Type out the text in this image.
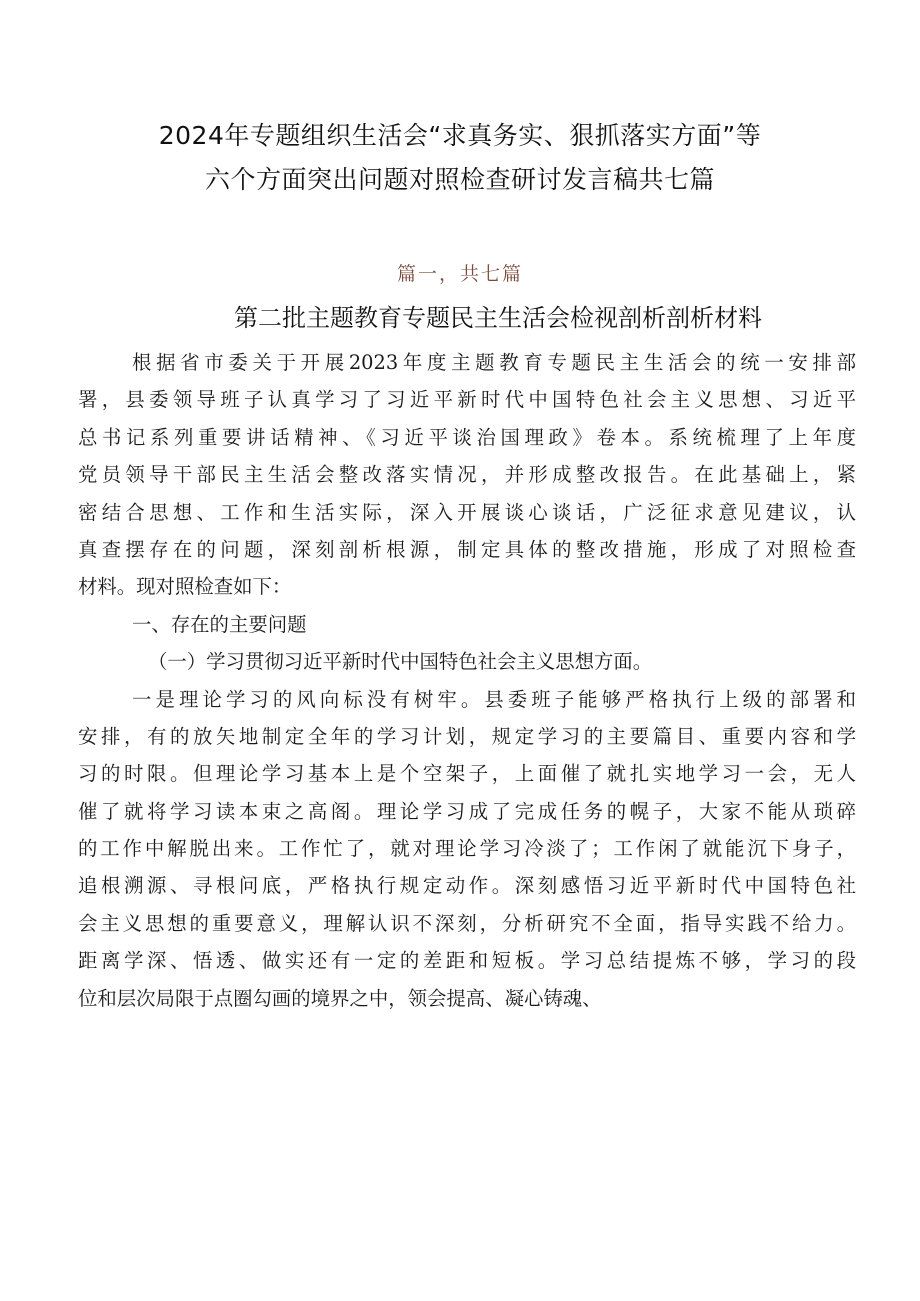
2024年专题组织生活会“求真务实、狠抓落实方面”等
六个方面突出问题对照检查研讨发言稿共七篇
篇一，共七篇
第二批主题教育专题民主生活会检视剖析剖析材料
根据省市委关于开展2023年度主题教育专题民主生活会的统一安排部
署，县委领导班子认真学习了习近平新时代中国特色社会主义思想、习近平
总书记系列重要讲话精神、《习近平谈治国理政》卷本。系统梳理了上年度
党员领导干部民主生活会整改落实情况，并形成整改报告。在此基础上，紧
密结合思想、工作和生活实际，深入开展谈心谈话，广泛征求意见建议，认
真查摆存在的问题，深刻剖析根源，制定具体的整改措施，形成了对照检查
材料。现对照检查如下：
一、存在的主要问题
（一）学习贯彻习近平新时代中国特色社会主义思想方面。
一是理论学习的风向标没有树牢。县委班子能够严格执行上级的部署和
安排，有的放矢地制定全年的学习计划，规定学习的主要篇目、重要内容和学
习的时限。但理论学习基本上是个空架子，上面催了就扎实地学习一会，无人
催了就将学习读本束之高阁。理论学习成了完成任务的幌子，大家不能从琐碎
的工作中解脱出来。工作忙了，就对理论学习冷淡了；工作闲了就能沉下身子，
追根溯源、寻根问底，严格执行规定动作。深刻感悟习近平新时代中国特色社
会主义思想的重要意义，理解认识不深刻，分析研究不全面，指导实践不给力。
距离学深、悟透、做实还有一定的差距和短板。学习总结提炼不够，学习的段
位和层次局限于点圈勾画的境界之中，领会提高、凝心铸魂、
